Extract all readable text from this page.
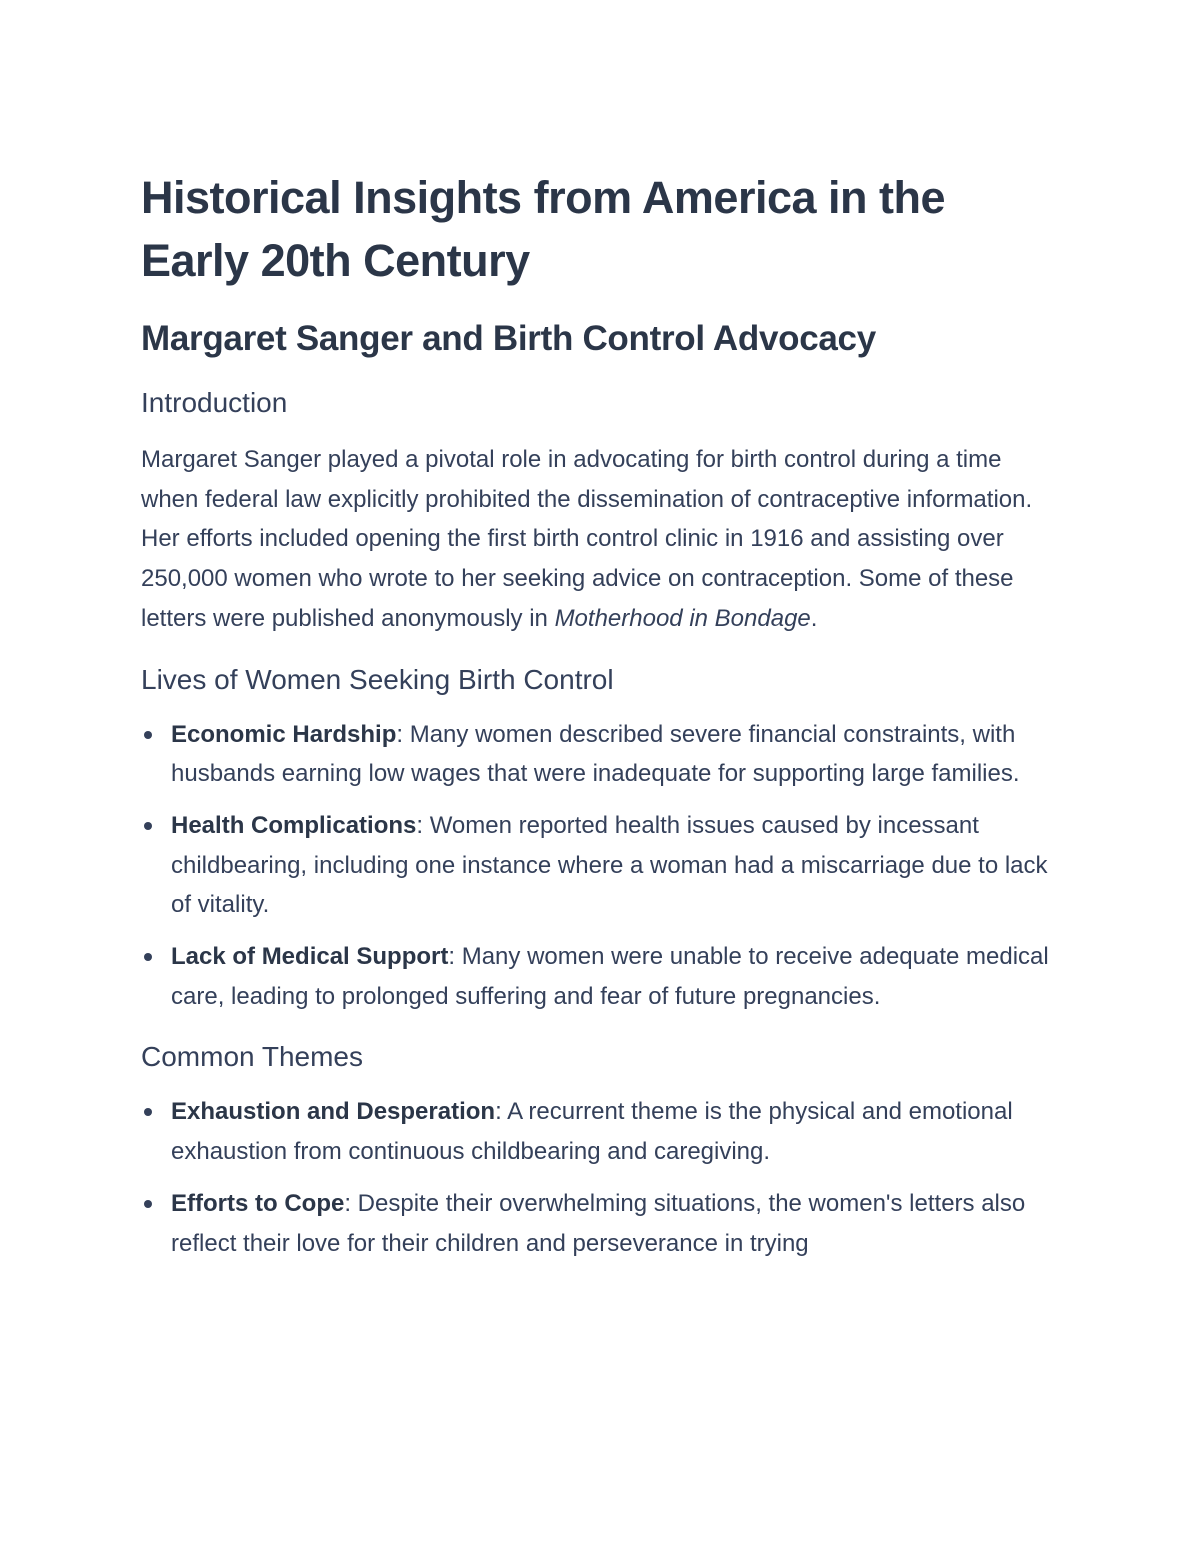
Historical Insights from America in the Early 20th Century
Margaret Sanger and Birth Control Advocacy
Introduction

Margaret Sanger played a pivotal role in advocating for birth control during a time when federal law explicitly prohibited the dissemination of contraceptive information. Her efforts included opening the first birth control clinic in 1916 and assisting over 250,000 women who wrote to her seeking advice on contraception. Some of these letters were published anonymously in Motherhood in Bondage.

Lives of Women Seeking Birth Control
Economic Hardship: Many women described severe financial constraints, with husbands earning low wages that were inadequate for supporting large families.
Health Complications: Women reported health issues caused by incessant childbearing, including one instance where a woman had a miscarriage due to lack of vitality.
Lack of Medical Support: Many women were unable to receive adequate medical care, leading to prolonged suffering and fear of future pregnancies.
Common Themes
Exhaustion and Desperation: A recurrent theme is the physical and emotional exhaustion from continuous childbearing and caregiving.
Efforts to Cope: Despite their overwhelming situations, the women's letters also reflect their love for their children and perseverance in trying
